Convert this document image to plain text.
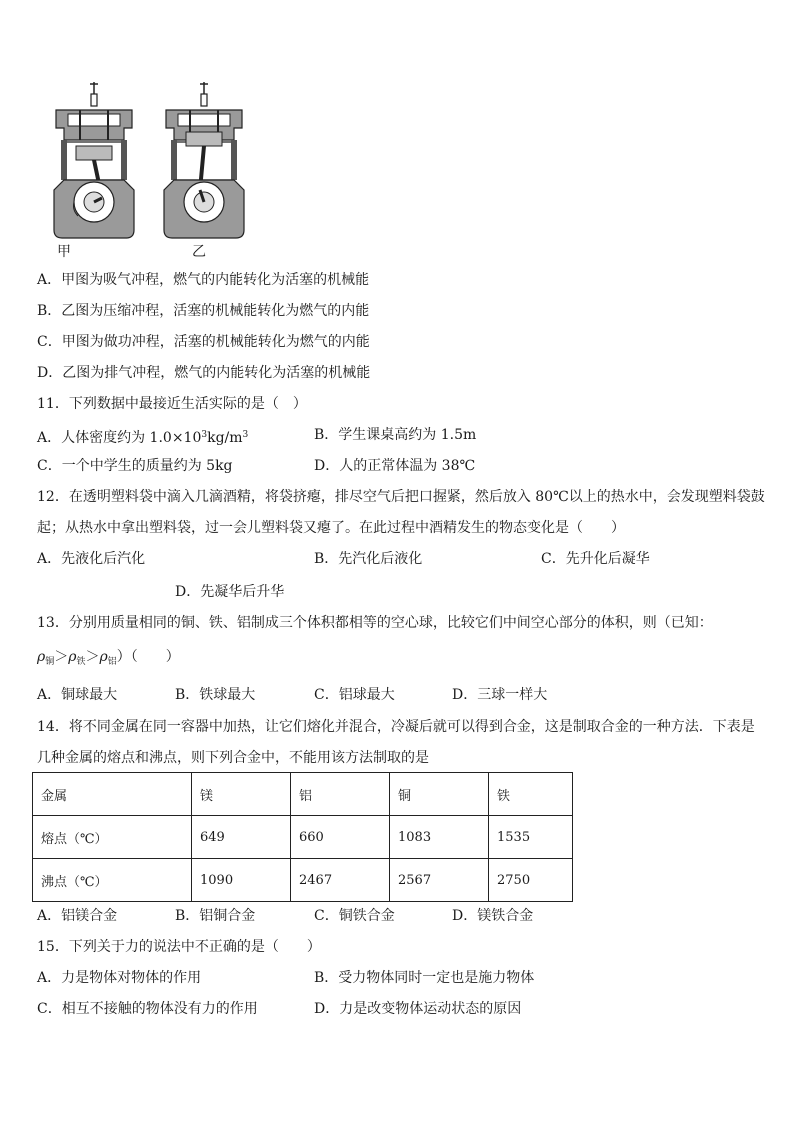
甲	乙
A．甲图为吸气冲程，燃气的内能转化为活塞的机械能
B．乙图为压缩冲程，活塞的机械能转化为燃气的内能
C．甲图为做功冲程，活塞的机械能转化为燃气的内能
D．乙图为排气冲程，燃气的内能转化为活塞的机械能
11．下列数据中最接近生活实际的是（　）
A．人体密度约为 $1.0\times 10^3kg/m^3$	B．学生课桌高约为 1.5m
C．一个中学生的质量约为 5kg	D．人的正常体温为 38℃
12．在透明塑料袋中滴入几滴酒精，将袋挤瘪，排尽空气后把口握紧，然后放入 80℃以上的热水中，会发现塑料袋鼓
起；从热水中拿出塑料袋，过一会儿塑料袋又瘪了。在此过程中酒精发生的物态变化是（　　）
A．先液化后汽化	B．先汽化后液化	C．先升化后凝华
D．先凝华后升华
13．分别用质量相同的铜、铁、铝制成三个体积都相等的空心球，比较它们中间空心部分的体积，则（已知：
$\rho_铜>\rho_铁>\rho_铝$）（　　）
A．铜球最大	B．铁球最大	C．铝球最大	D．三球一样大
14．将不同金属在同一容器中加热，让它们熔化并混合，冷凝后就可以得到合金，这是制取合金的一种方法．下表是
几种金属的熔点和沸点，则下列合金中，不能用该方法制取的是
金属	镁	铝	铜	铁
熔点（℃）	649	660	1083	1535
沸点（℃）	1090	2467	2567	2750
A．铝镁合金	B．铝铜合金	C．铜铁合金	D．镁铁合金
15．下列关于力的说法中不正确的是（　　）
A．力是物体对物体的作用	B．受力物体同时一定也是施力物体
C．相互不接触的物体没有力的作用	D．力是改变物体运动状态的原因
